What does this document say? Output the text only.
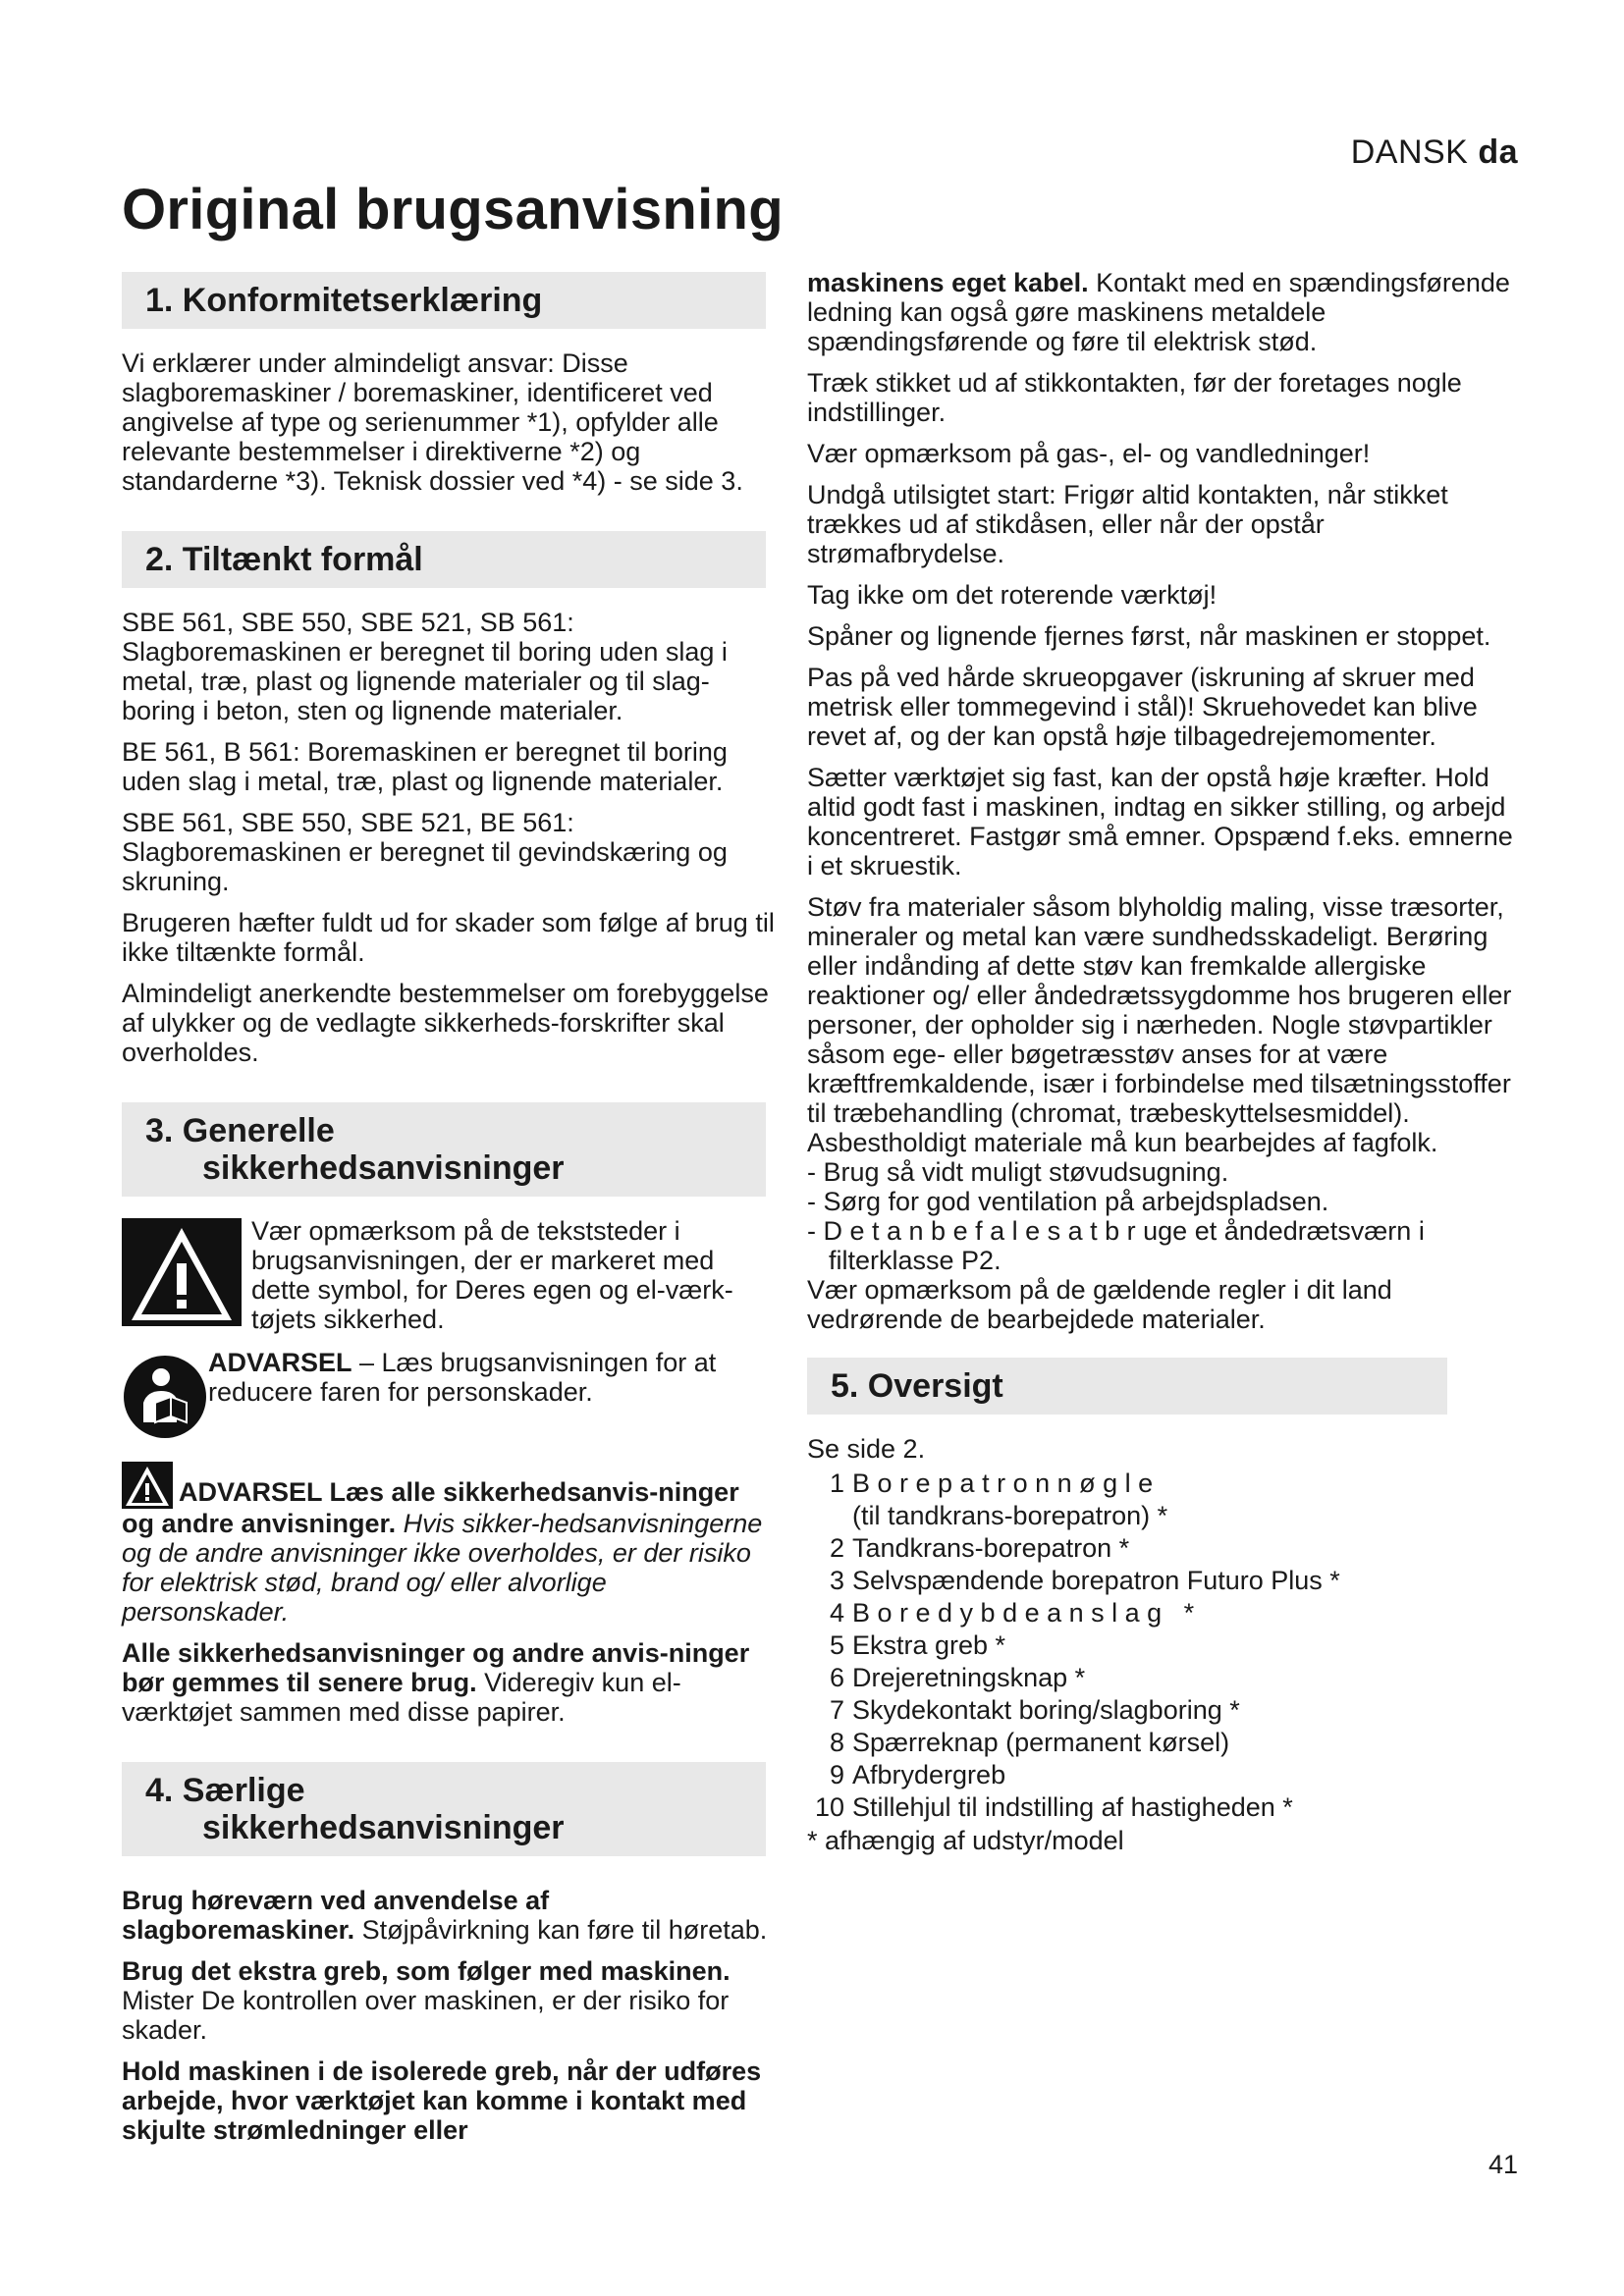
DANSK da
Original brugsanvisning
1. Konformitetserklæring

Vi erklærer under almindeligt ansvar: Disse slagboremaskiner / boremaskiner, identificeret ved angivelse af type og serienummer *1), opfylder alle relevante bestemmelser i direktiverne *2) og standarderne *3). Teknisk dossier ved *4) - se side 3.

2. Tiltænkt formål

SBE 561, SBE 550, SBE 521, SB 561: Slagboremaskinen er beregnet til boring uden slag i metal, træ, plast og lignende materialer og til slag-boring i beton, sten og lignende materialer.

BE 561, B 561: Boremaskinen er beregnet til boring uden slag i metal, træ, plast og lignende materialer.

SBE 561, SBE 550, SBE 521, BE 561: Slagboremaskinen er beregnet til gevindskæring og skruning.

Brugeren hæfter fuldt ud for skader som følge af brug til ikke tiltænkte formål.

Almindeligt anerkendte bestemmelser om forebyggelse af ulykker og de vedlagte sikkerheds-forskrifter skal overholdes.

3. Generelle
sikkerhedsanvisninger
Vær opmærksom på de tekststeder i brugsanvisningen, der er markeret med dette symbol, for Deres egen og el-værk-tøjets sikkerhed.
ADVARSEL – Læs brugsanvisningen for at reducere faren for personskader.

ADVARSEL Læs alle sikkerhedsanvis-ninger og andre anvisninger. Hvis sikker-hedsanvisningerne og de andre anvisninger ikke overholdes, er der risiko for elektrisk stød, brand og/ eller alvorlige personskader.

Alle sikkerhedsanvisninger og andre anvis-ninger bør gemmes til senere brug. Videregiv kun el-værktøjet sammen med disse papirer.

4. Særlige
sikkerhedsanvisninger

Brug høreværn ved anvendelse af slagboremaskiner. Støjpåvirkning kan føre til høretab.

Brug det ekstra greb, som følger med maskinen. Mister De kontrollen over maskinen, er der risiko for skader.

Hold maskinen i de isolerede greb, når der udføres arbejde, hvor værktøjet kan komme i kontakt med skjulte strømledninger eller

maskinens eget kabel. Kontakt med en spændingsførende ledning kan også gøre maskinens metaldele spændingsførende og føre til elektrisk stød.

Træk stikket ud af stikkontakten, før der foretages nogle indstillinger.

Vær opmærksom på gas-, el- og vandledninger!

Undgå utilsigtet start: Frigør altid kontakten, når stikket trækkes ud af stikdåsen, eller når der opstår strømafbrydelse.

Tag ikke om det roterende værktøj!

Spåner og lignende fjernes først, når maskinen er stoppet.

Pas på ved hårde skrueopgaver (iskruning af skruer med metrisk eller tommegevind i stål)! Skruehovedet kan blive revet af, og der kan opstå høje tilbagedrejemomenter.

Sætter værktøjet sig fast, kan der opstå høje kræfter. Hold altid godt fast i maskinen, indtag en sikker stilling, og arbejd koncentreret. Fastgør små emner. Opspænd f.eks. emnerne i et skruestik.

Støv fra materialer såsom blyholdig maling, visse træsorter, mineraler og metal kan være sundhedsskadeligt. Berøring eller indånding af dette støv kan fremkalde allergiske reaktioner og/ eller åndedrætssygdomme hos brugeren eller personer, der opholder sig i nærheden. Nogle støvpartikler såsom ege- eller bøgetræsstøv anses for at være kræftfremkaldende, især i forbindelse med tilsætningsstoffer til træbehandling (chromat, træbeskyttelsesmiddel). Asbestholdigt materiale må kun bearbejdes af fagfolk.

- Brug så vidt muligt støvudsugning.
- Sørg for god ventilation på arbejdspladsen.
- D e t a n b e f a l e s a t b r uge et åndedrætsværn i filterklasse P2.

Vær opmærksom på de gældende regler i dit land vedrørende de bearbejdede materialer.

5. Oversigt

Se side 2.

1 B o r e p a t r o n n ø g l e
(til tandkrans-borepatron) *
2 Tandkrans-borepatron *
3 Selvspændende borepatron Futuro Plus *
4 B o r e d y b d e a n s l a g   *
5 Ekstra greb *
6 Drejeretningsknap *
7 Skydekontakt boring/slagboring *
8 Spærreknap (permanent kørsel)
9 Afbrydergreb
10 Stillehjul til indstilling af hastigheden *

* afhængig af udstyr/model

41
